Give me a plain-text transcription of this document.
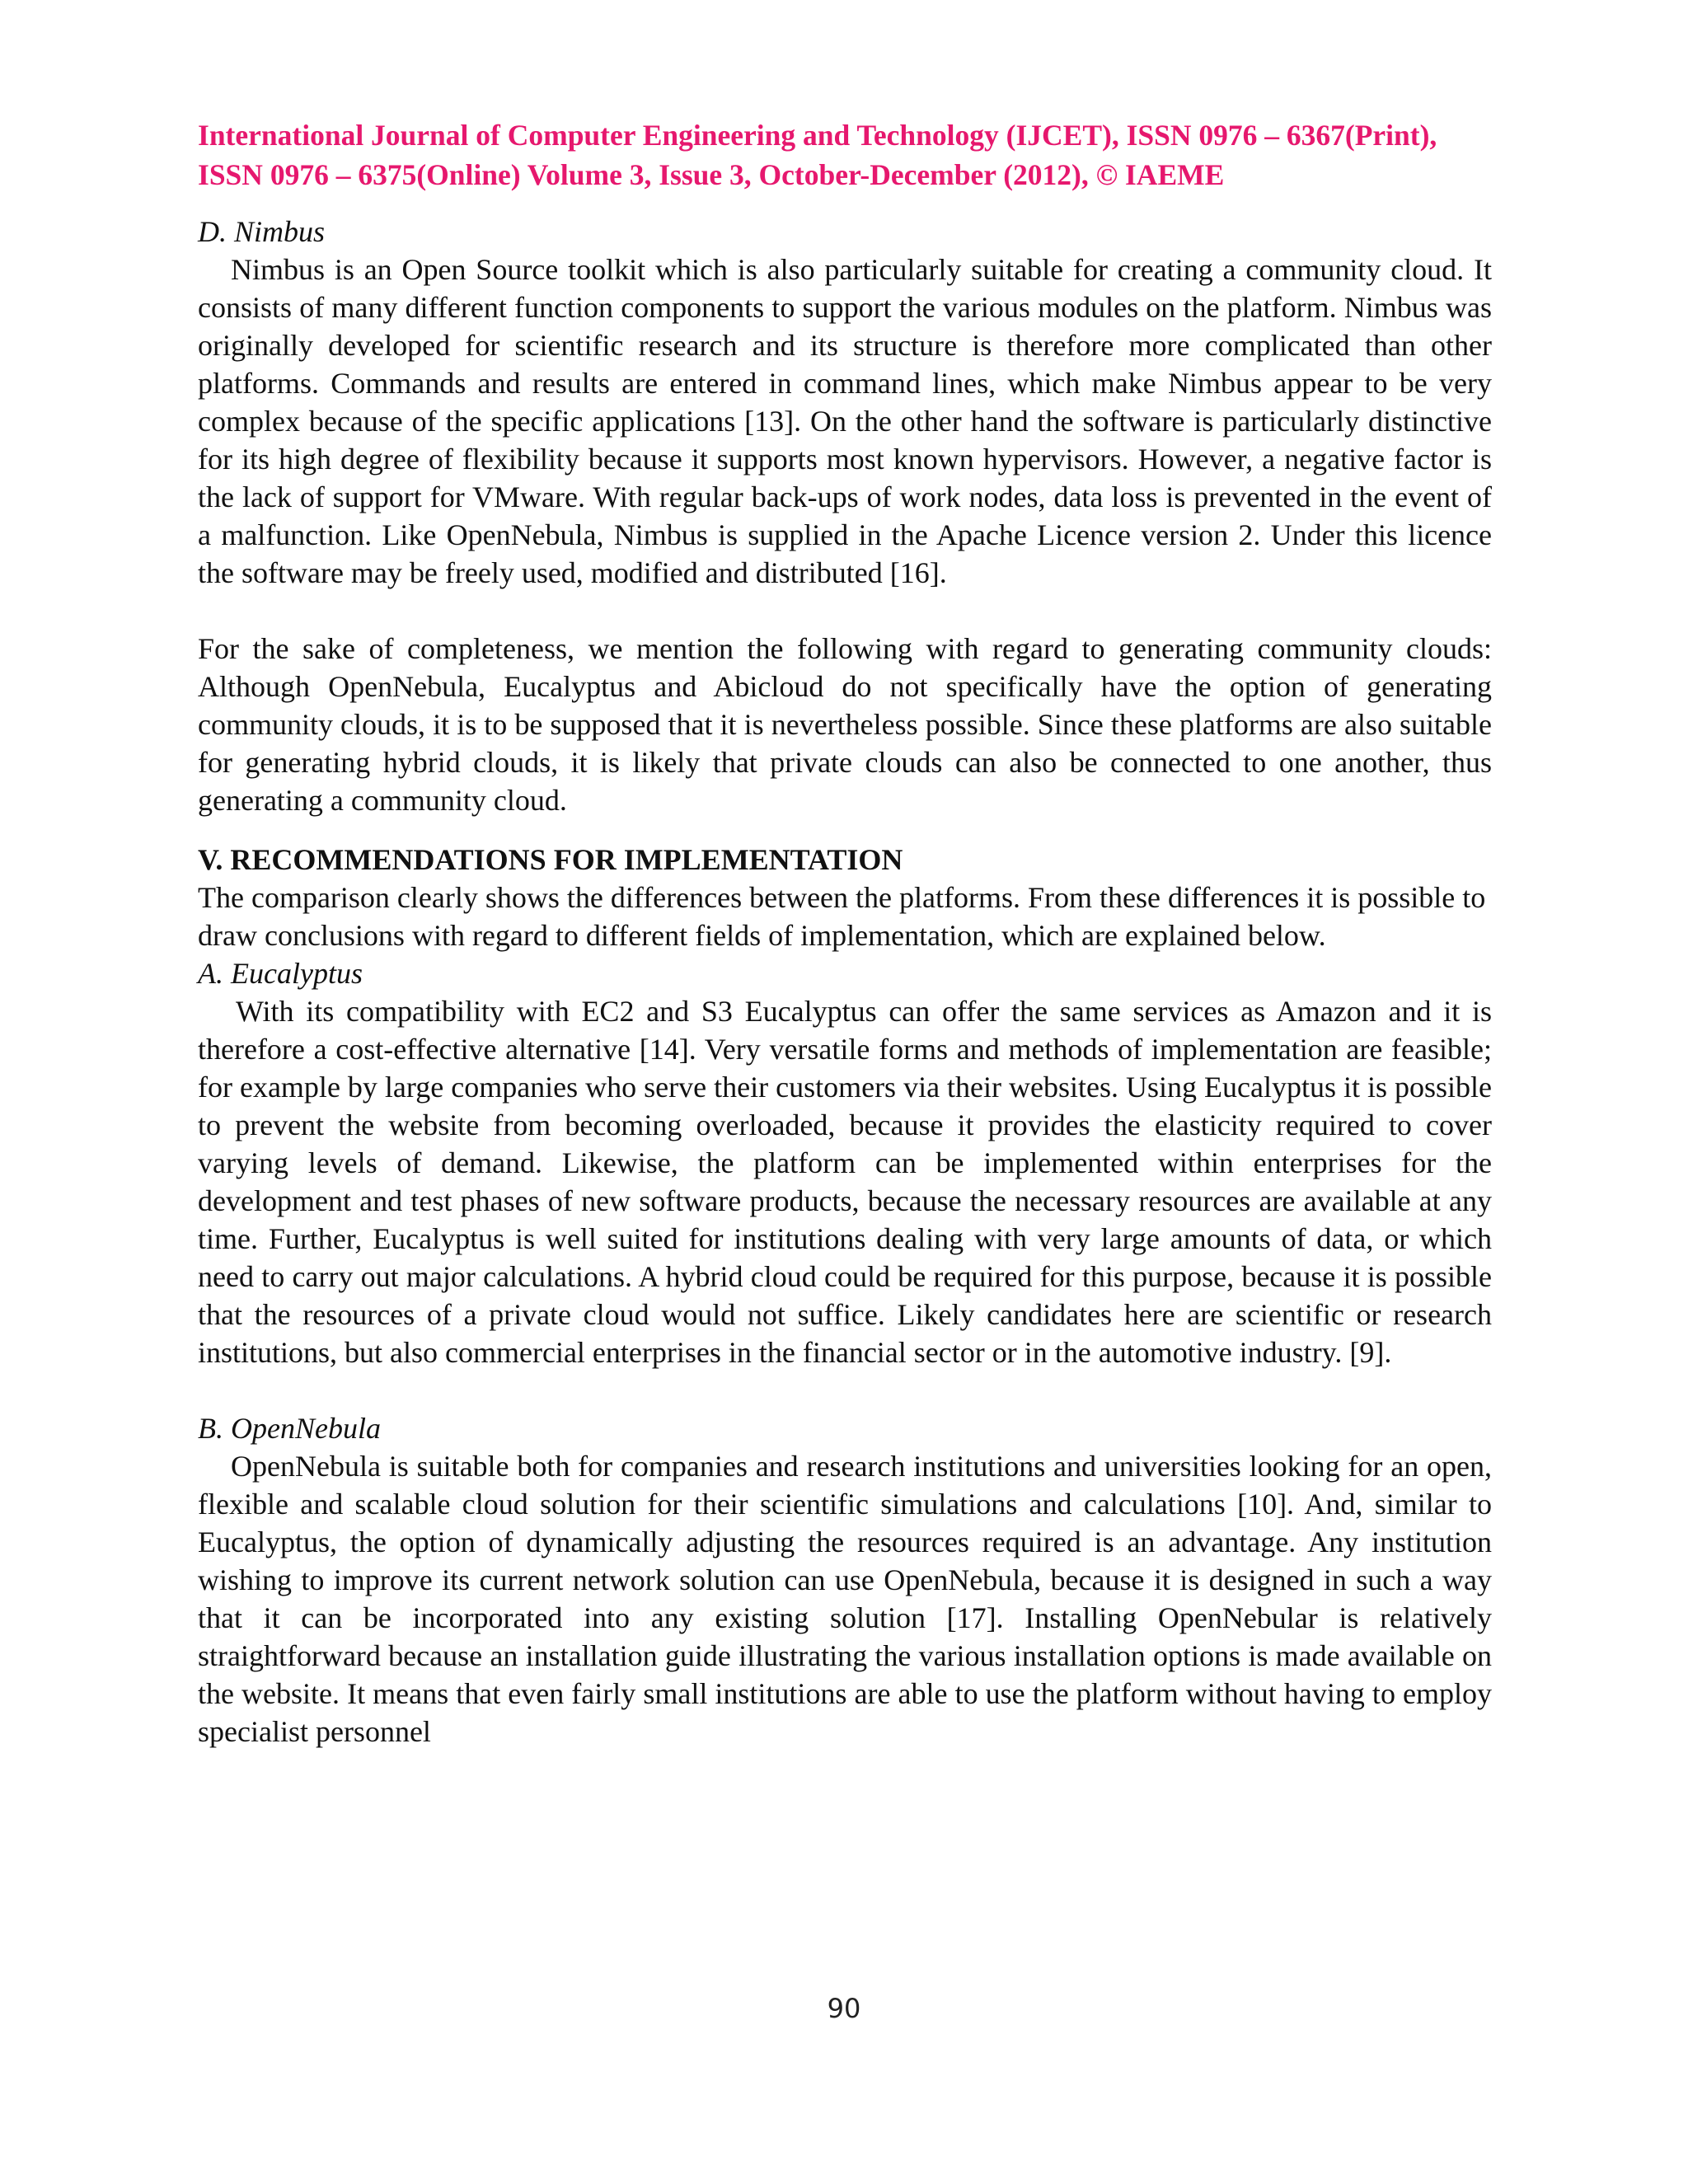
International Journal of Computer Engineering and Technology (IJCET), ISSN 0976 – 6367(Print),
ISSN 0976 – 6375(Online) Volume 3, Issue 3, October-December (2012), © IAEME

D. Nimbus

Nimbus is an Open Source toolkit which is also particularly suitable for creating a community cloud. It consists of many different function components to support the various modules on the platform. Nimbus was originally developed for scientific research and its structure is therefore more complicated than other platforms. Commands and results are entered in command lines, which make Nimbus appear to be very complex because of the specific applications [13]. On the other hand the software is particularly distinctive for its high degree of flexibility because it supports most known hypervisors. However, a negative factor is the lack of support for VMware. With regular back-ups of work nodes, data loss is prevented in the event of a malfunction. Like OpenNebula, Nimbus is supplied in the Apache Licence version 2. Under this licence the software may be freely used, modified and distributed [16].

For the sake of completeness, we mention the following with regard to generating community clouds: Although OpenNebula, Eucalyptus and Abicloud do not specifically have the option of generating community clouds, it is to be supposed that it is nevertheless possible. Since these platforms are also suitable for generating hybrid clouds, it is likely that private clouds can also be connected to one another, thus generating a community cloud.

V. RECOMMENDATIONS FOR IMPLEMENTATION

The comparison clearly shows the differences between the platforms. From these differences it is possible to draw conclusions with regard to different fields of implementation, which are explained below.

A. Eucalyptus

With its compatibility with EC2 and S3 Eucalyptus can offer the same services as Amazon and it is therefore a cost-effective alternative [14]. Very versatile forms and methods of implementation are feasible; for example by large companies who serve their customers via their websites. Using Eucalyptus it is possible to prevent the website from becoming overloaded, because it provides the elasticity required to cover varying levels of demand. Likewise, the platform can be implemented within enterprises for the development and test phases of new software products, because the necessary resources are available at any time. Further, Eucalyptus is well suited for institutions dealing with very large amounts of data, or which need to carry out major calculations. A hybrid cloud could be required for this purpose, because it is possible that the resources of a private cloud would not suffice. Likely candidates here are scientific or research institutions, but also commercial enterprises in the financial sector or in the automotive industry. [9].

B. OpenNebula

OpenNebula is suitable both for companies and research institutions and universities looking for an open, flexible and scalable cloud solution for their scientific simulations and calculations [10]. And, similar to Eucalyptus, the option of dynamically adjusting the resources required is an advantage. Any institution wishing to improve its current network solution can use OpenNebula, because it is designed in such a way that it can be incorporated into any existing solution [17]. Installing OpenNebular is relatively straightforward because an installation guide illustrating the various installation options is made available on the website. It means that even fairly small institutions are able to use the platform without having to employ specialist personnel

90
